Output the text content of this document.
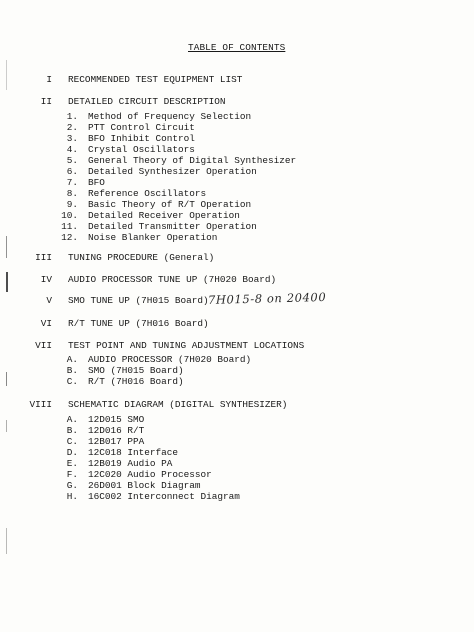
TABLE OF CONTENTS
I RECOMMENDED TEST EQUIPMENT LIST
II DETAILED CIRCUIT DESCRIPTION
1. Method of Frequency Selection
2. PTT Control Circuit
3. BFO Inhibit Control
4. Crystal Oscillators
5. General Theory of Digital Synthesizer
6. Detailed Synthesizer Operation
7. BFO
8. Reference Oscillators
9. Basic Theory of R/T Operation
10. Detailed Receiver Operation
11. Detailed Transmitter Operation
12. Noise Blanker Operation
III TUNING PROCEDURE (General)
IV AUDIO PROCESSOR TUNE UP (7H020 Board)
V SMO TUNE UP (7H015 Board) 7H015-8 on 20400
VI R/T TUNE UP (7H016 Board)
VII TEST POINT AND TUNING ADJUSTMENT LOCATIONS
A. AUDIO PROCESSOR (7H020 Board)
B. SMO (7H015 Board)
C. R/T (7H016 Board)
VIII SCHEMATIC DIAGRAM (DIGITAL SYNTHESIZER)
A. 12D015 SMO
B. 12D016 R/T
C. 12B017 PPA
D. 12C018 Interface
E. 12B019 Audio PA
F. 12C020 Audio Processor
G. 26D001 Block Diagram
H. 16C002 Interconnect Diagram
